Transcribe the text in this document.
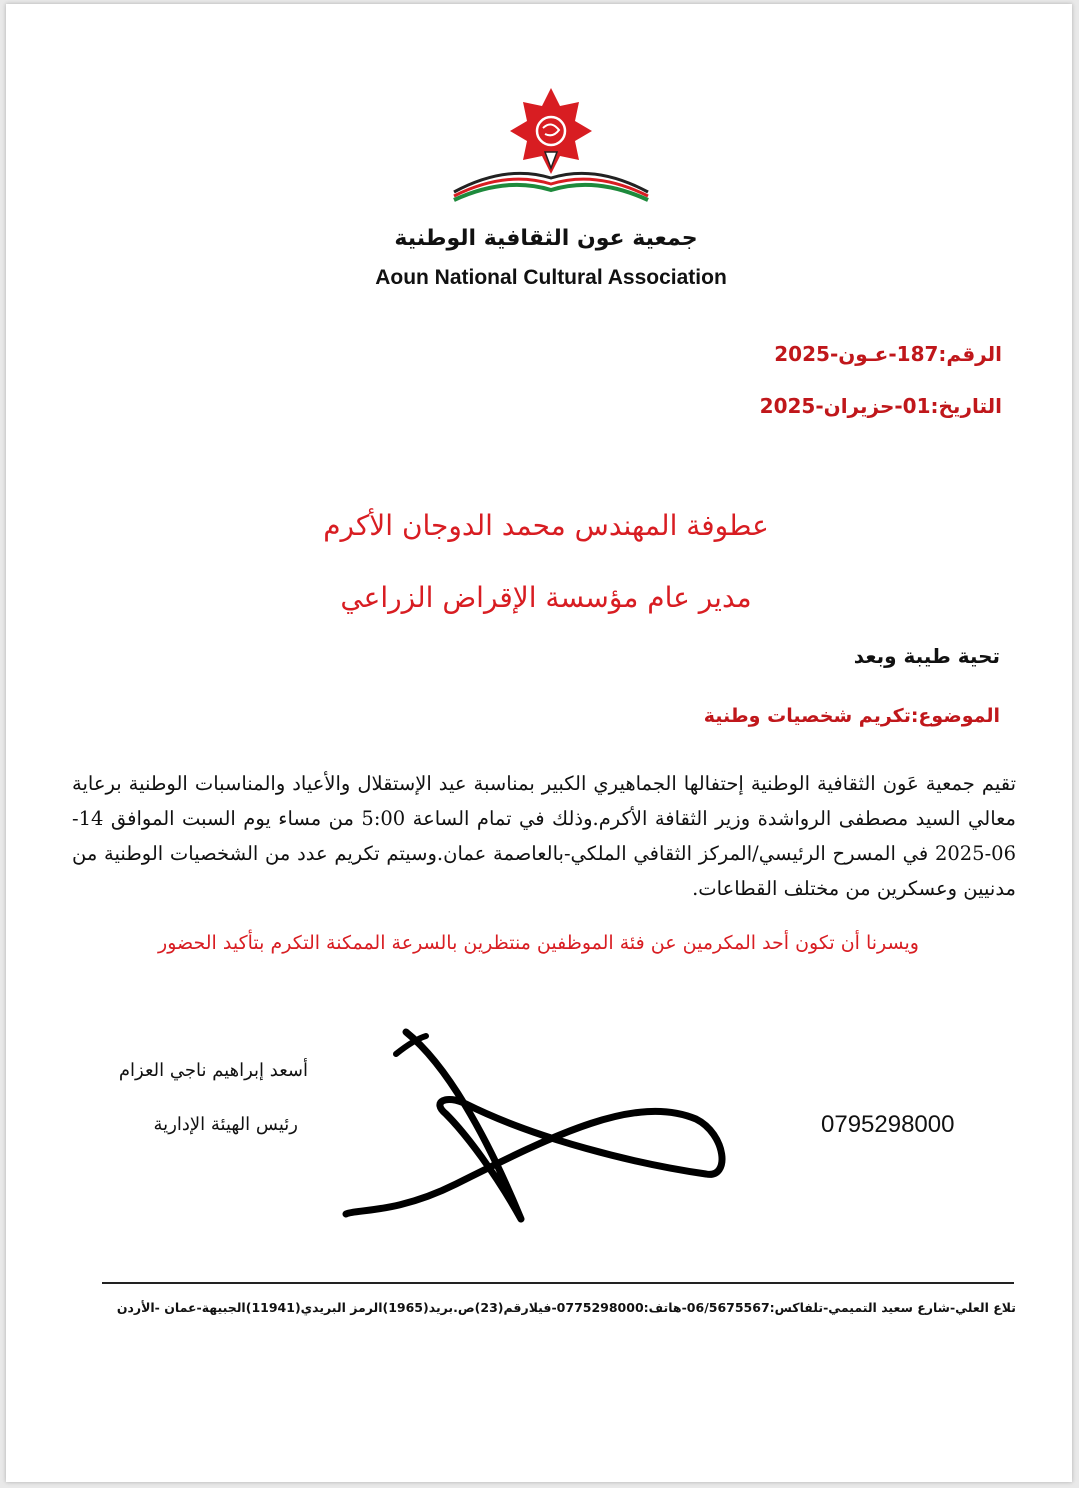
جمعية عون الثقافية الوطنية
Aoun National Cultural Association
الرقم:187-عـون-2025
التاريخ:01-حزيران-2025
عطوفة المهندس محمد الدوجان الأكرم
مدير عام مؤسسة الإقراض الزراعي
تحية طيبة وبعد
الموضوع:تكريم شخصيات وطنية
تقيم جمعية عَون الثقافية الوطنية إحتفالها الجماهيري الكبير بمناسبة عيد الإستقلال والأعياد والمناسبات الوطنية برعاية معالي السيد مصطفى الرواشدة وزير الثقافة الأكرم.وذلك في تمام الساعة 5:00 من مساء يوم السبت الموافق 14-06-2025 في المسرح الرئيسي/المركز الثقافي الملكي-بالعاصمة عمان.وسيتم تكريم عدد من الشخصيات الوطنية من مدنيين وعسكرين من مختلف القطاعات.
ويسرنا أن تكون أحد المكرمين عن فئة الموظفين منتظرين بالسرعة الممكنة التكرم بتأكيد الحضور
أسعد إبراهيم ناجي العزام
رئيس الهيئة الإدارية	0795298000
تلاع العلي-شارع سعيد التميمي-تلفاكس:06/5675567-هاتف:0775298000-فيلارقم(23)ص.بريد(1965)الرمز البريدي(11941)الجبيهة-عمان -الأردن
